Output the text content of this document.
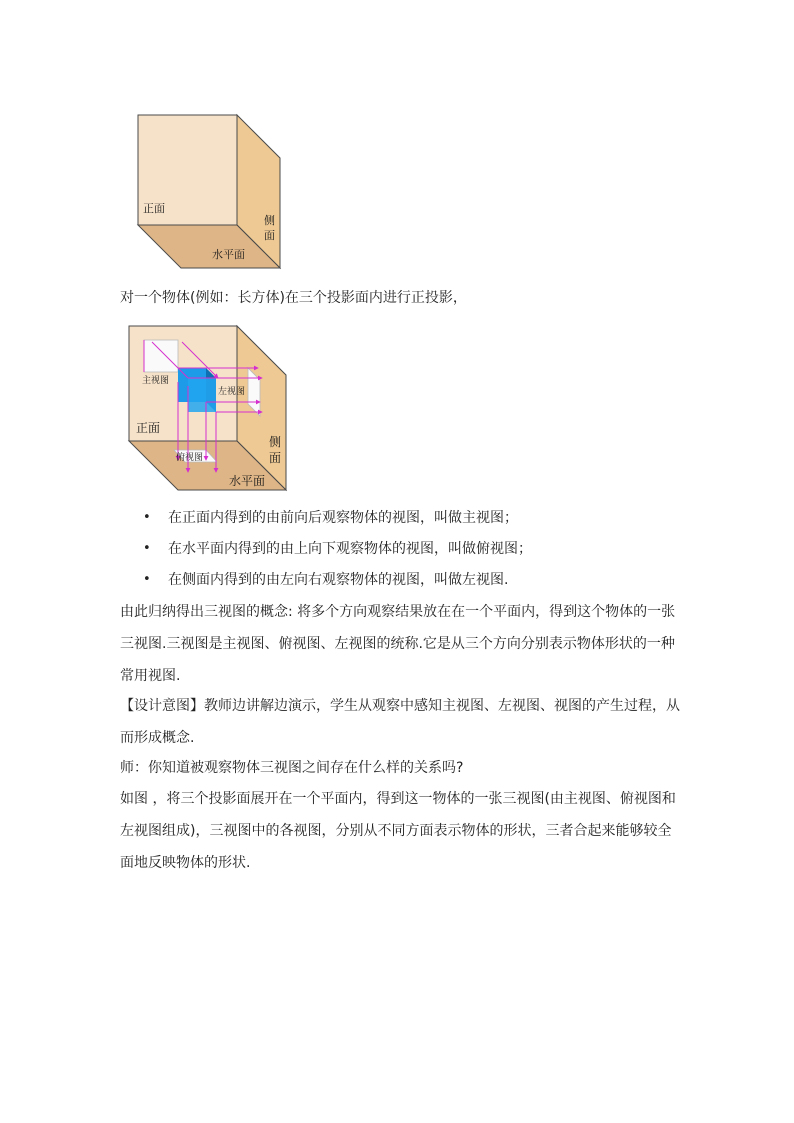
正面
侧
面
水平面
对一个物体(例如：长方体)在三个投影面内进行正投影，
主视图
左视图
俯视图
正面
侧
面
水平面
• 在正面内得到的由前向后观察物体的视图，叫做主视图；
• 在水平面内得到的由上向下观察物体的视图，叫做俯视图；
• 在侧面内得到的由左向右观察物体的视图，叫做左视图.
由此归纳得出三视图的概念: 将多个方向观察结果放在在一个平面内，得到这个物体的一张
三视图.三视图是主视图、俯视图、左视图的统称.它是从三个方向分别表示物体形状的一种
常用视图.
【设计意图】教师边讲解边演示，学生从观察中感知主视图、左视图、视图的产生过程，从
而形成概念.
师：你知道被观察物体三视图之间存在什么样的关系吗?
如图 ，将三个投影面展开在一个平面内，得到这一物体的一张三视图(由主视图、俯视图和
左视图组成)，三视图中的各视图，分别从不同方面表示物体的形状，三者合起来能够较全
面地反映物体的形状.
